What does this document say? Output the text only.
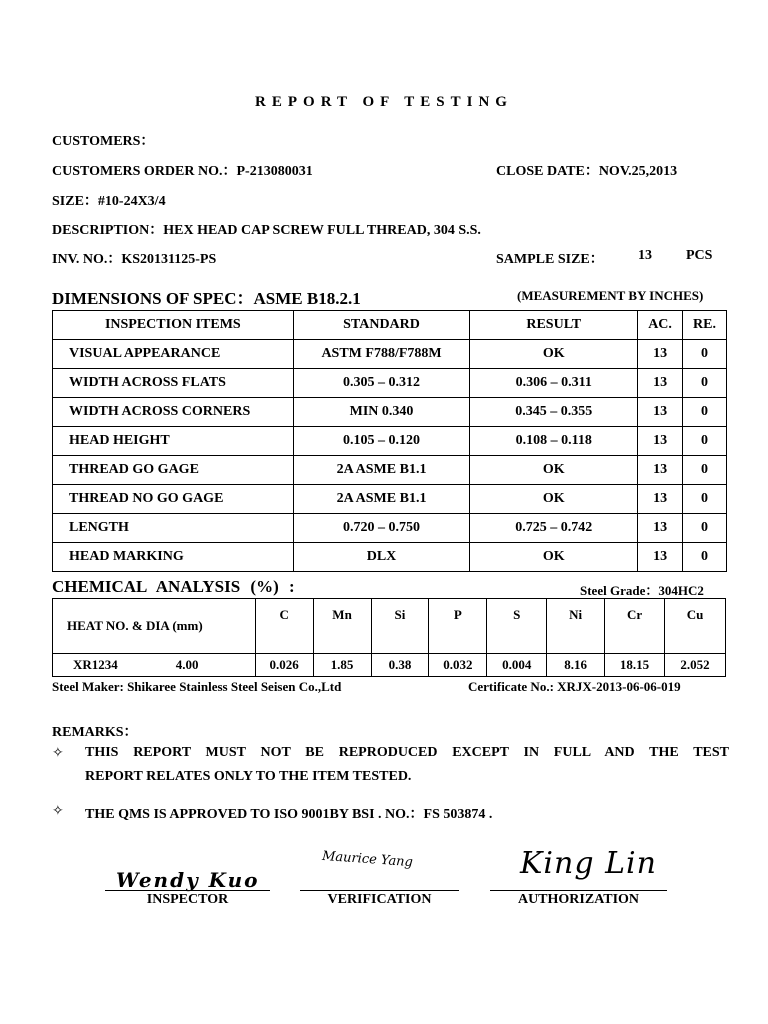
REPORT OF TESTING
CUSTOMERS：
CUSTOMERS ORDER NO.：P-213080031	CLOSE DATE：NOV.25,2013
SIZE：#10-24X3/4
DESCRIPTION：HEX HEAD CAP SCREW FULL THREAD, 304 S.S.
INV. NO.：KS20131125-PS	SAMPLE SIZE： 13 PCS
DIMENSIONS OF SPEC：ASME B18.2.1	(MEASUREMENT BY INCHES)
INSPECTION ITEMS	STANDARD	RESULT	AC.	RE.
VISUAL APPEARANCE	ASTM F788/F788M	OK	13	0
WIDTH ACROSS FLATS	0.305 – 0.312	0.306 – 0.311	13	0
WIDTH ACROSS CORNERS	MIN 0.340	0.345 – 0.355	13	0
HEAD HEIGHT	0.105 – 0.120	0.108 – 0.118	13	0
THREAD GO GAGE	2A ASME B1.1	OK	13	0
THREAD NO GO GAGE	2A ASME B1.1	OK	13	0
LENGTH	0.720 – 0.750	0.725 – 0.742	13	0
HEAD MARKING	DLX	OK	13	0
CHEMICAL ANALYSIS (%) :	Steel Grade：304HC2
HEAT NO. & DIA (mm)	C	Mn	Si	P	S	Ni	Cr	Cu
XR1234 4.00	0.026	1.85	0.38	0.032	0.004	8.16	18.15	2.052
Steel Maker: Shikaree Stainless Steel Seisen Co.,Ltd	Certificate No.: XRJX-2013-06-06-019
REMARKS：
✧ THIS REPORT MUST NOT BE REPRODUCED EXCEPT IN FULL AND THE TEST
REPORT RELATES ONLY TO THE ITEM TESTED.
✧ THE QMS IS APPROVED TO ISO 9001BY BSI . NO.：FS 503874 .
Wendy Kuo
Maurice Yang	King Lin
INSPECTOR	VERIFICATION	AUTHORIZATION
